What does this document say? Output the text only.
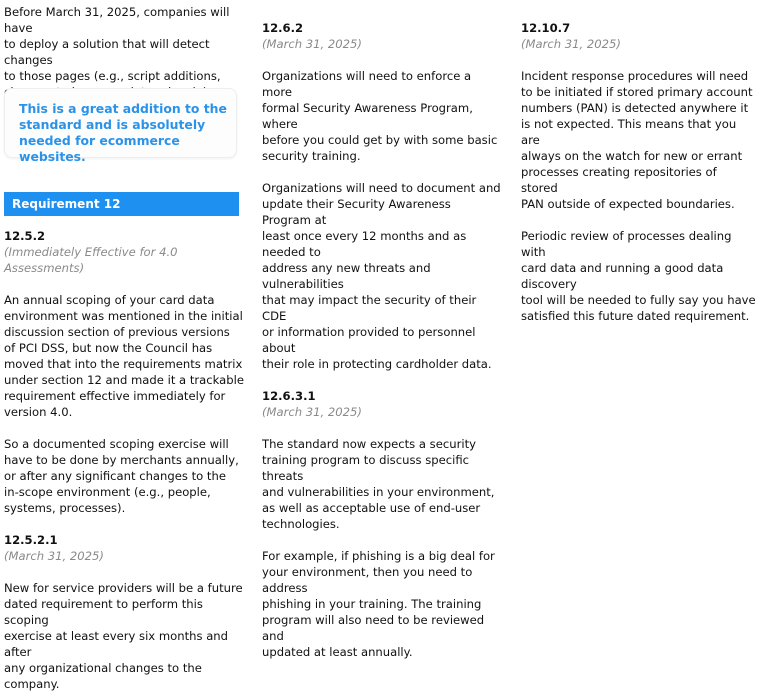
Before March 31, 2025, companies will have
to deploy a solution that will detect changes
to those pages (e.g., script additions,

This is a great addition to the
standard and is absolutely
needed for ecommerce websites.

Requirement 12

12.5.2

(Immediately Effective for 4.0 Assessments)

An annual scoping of your card data
environment was mentioned in the initial
discussion section of previous versions
of PCI DSS, but now the Council has
moved that into the requirements matrix
under section 12 and made it a trackable
requirement effective immediately for
version 4.0.

So a documented scoping exercise will
have to be done by merchants annually,
or after any significant changes to the
in-scope environment (e.g., people,
systems, processes).

12.5.2.1
(March 31, 2025)

New for service providers will be a future
dated requirement to perform this scoping
exercise at least every six months and after
any organizational changes to the company.

12.6.2
(March 31, 2025)

Organizations will need to enforce a more
formal Security Awareness Program, where
before you could get by with some basic
security training.

Organizations will need to document and
update their Security Awareness Program at
least once every 12 months and as needed to
address any new threats and vulnerabilities
that may impact the security of their CDE
or information provided to personnel about
their role in protecting cardholder data.

12.6.3.1
(March 31, 2025)

The standard now expects a security
training program to discuss specific threats
and vulnerabilities in your environment,
as well as acceptable use of end-user
technologies.

For example, if phishing is a big deal for
your environment, then you need to address
phishing in your training. The training
program will also need to be reviewed and
updated at least annually.

12.10.7
(March 31, 2025)

Incident response procedures will need
to be initiated if stored primary account
numbers (PAN) is detected anywhere it
is not expected. This means that you are
always on the watch for new or errant
processes creating repositories of stored
PAN outside of expected boundaries.

Periodic review of processes dealing with
card data and running a good data discovery
tool will be needed to fully say you have
satisfied this future dated requirement.
